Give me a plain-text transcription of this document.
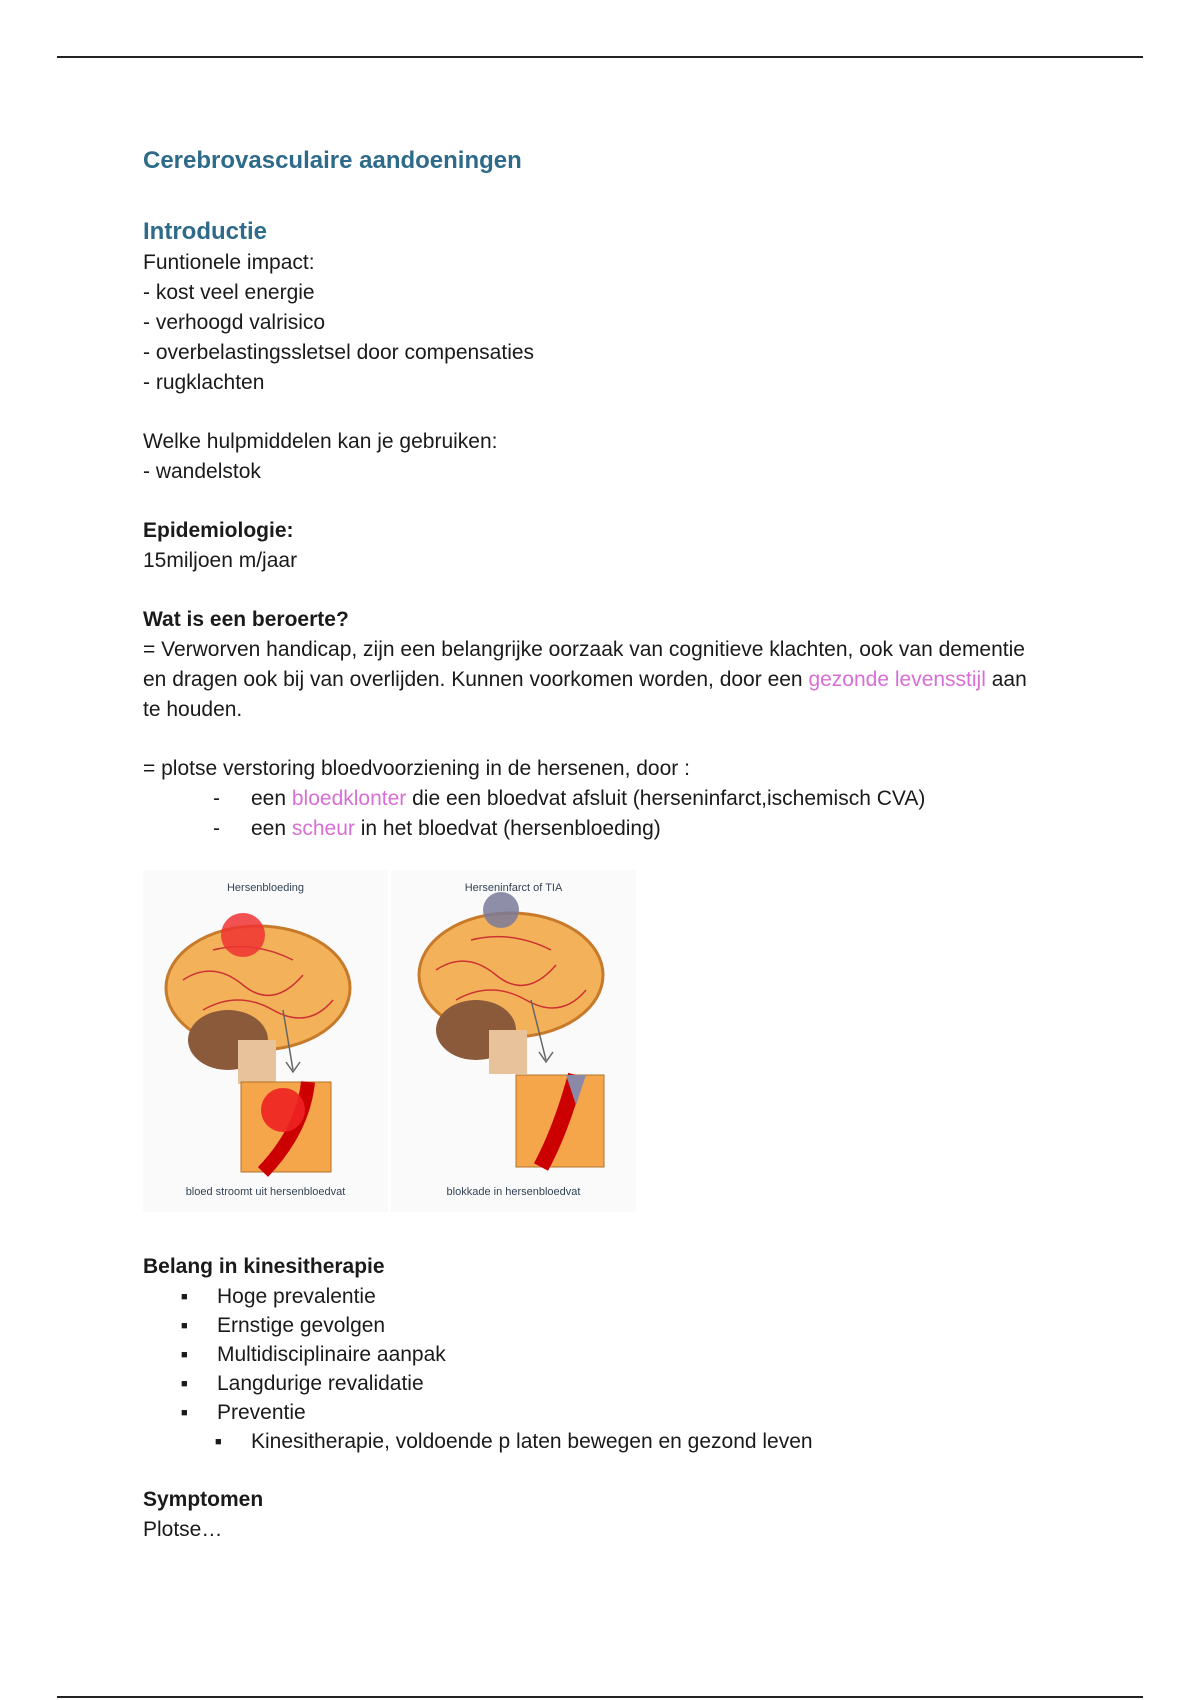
Cerebrovasculaire aandoeningen
Introductie

Funtionele impact:

- kost veel energie

- verhoogd valrisico

- overbelastingssletsel door compensaties

- rugklachten

Welke hulpmiddelen kan je gebruiken:

- wandelstok

Epidemiologie:

15miljoen m/jaar

Wat is een beroerte?

= Verworven handicap, zijn een belangrijke oorzaak van cognitieve klachten, ook van dementie en dragen ook bij van overlijden. Kunnen voorkomen worden, door een gezonde levensstijl aan te houden.

= plotse verstoring bloedvoorziening in de hersenen, door :

- een bloedklonter die een bloedvat afsluit (herseninfarct,ischemisch CVA)
- een scheur in het bloedvat (hersenbloeding)
Hersenbloeding
bloed stroomt uit hersenbloedvat
Herseninfarct of TIA
blokkade in hersenbloedvat

Belang in kinesitherapie

■ Hoge prevalentie
■ Ernstige gevolgen
■ Multidisciplinaire aanpak
■ Langdurige revalidatie
■ Preventie
■ Kinesitherapie, voldoende p laten bewegen en gezond leven

Symptomen

Plotse…
